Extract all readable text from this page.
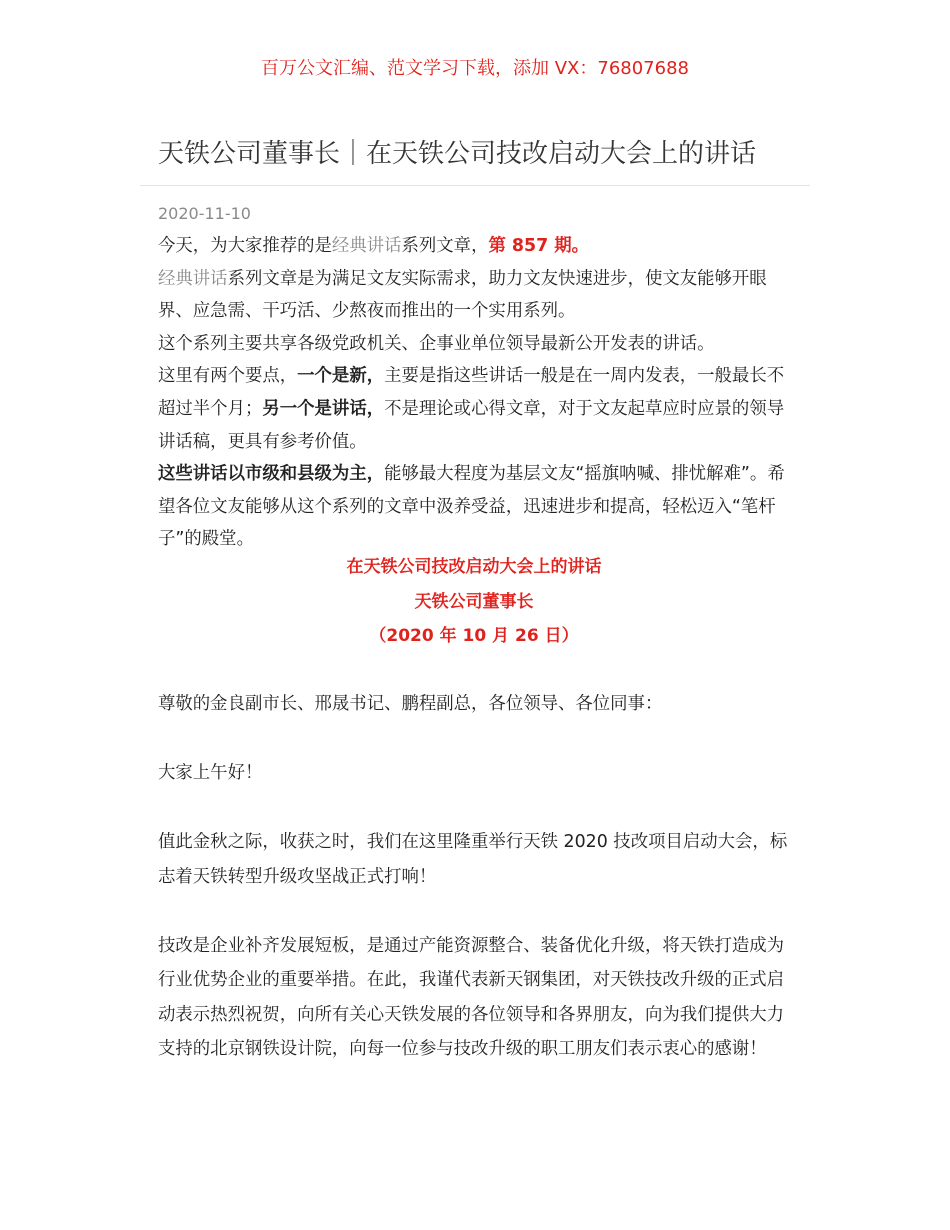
百万公文汇编、范文学习下载，添加 VX：76807688
天铁公司董事长｜在天铁公司技改启动大会上的讲话
2020-11-10

今天，为大家推荐的是经典讲话系列文章，第 857 期。

经典讲话系列文章是为满足文友实际需求，助力文友快速进步，使文友能够开眼界、应急需、干巧活、少熬夜而推出的一个实用系列。

这个系列主要共享各级党政机关、企事业单位领导最新公开发表的讲话。

这里有两个要点，一个是新，主要是指这些讲话一般是在一周内发表，一般最长不超过半个月；另一个是讲话，不是理论或心得文章，对于文友起草应时应景的领导讲话稿，更具有参考价值。

这些讲话以市级和县级为主，能够最大程度为基层文友“摇旗呐喊、排忧解难”。希望各位文友能够从这个系列的文章中汲养受益，迅速进步和提高，轻松迈入“笔杆子”的殿堂。

在天铁公司技改启动大会上的讲话

天铁公司董事长

（2020 年 10 月 26 日）

尊敬的金良副市长、邢晟书记、鹏程副总，各位领导、各位同事：

大家上午好！

值此金秋之际，收获之时，我们在这里隆重举行天铁 2020 技改项目启动大会，标志着天铁转型升级攻坚战正式打响！

技改是企业补齐发展短板，是通过产能资源整合、装备优化升级，将天铁打造成为行业优势企业的重要举措。在此，我谨代表新天钢集团，对天铁技改升级的正式启动表示热烈祝贺，向所有关心天铁发展的各位领导和各界朋友，向为我们提供大力支持的北京钢铁设计院，向每一位参与技改升级的职工朋友们表示衷心的感谢！
